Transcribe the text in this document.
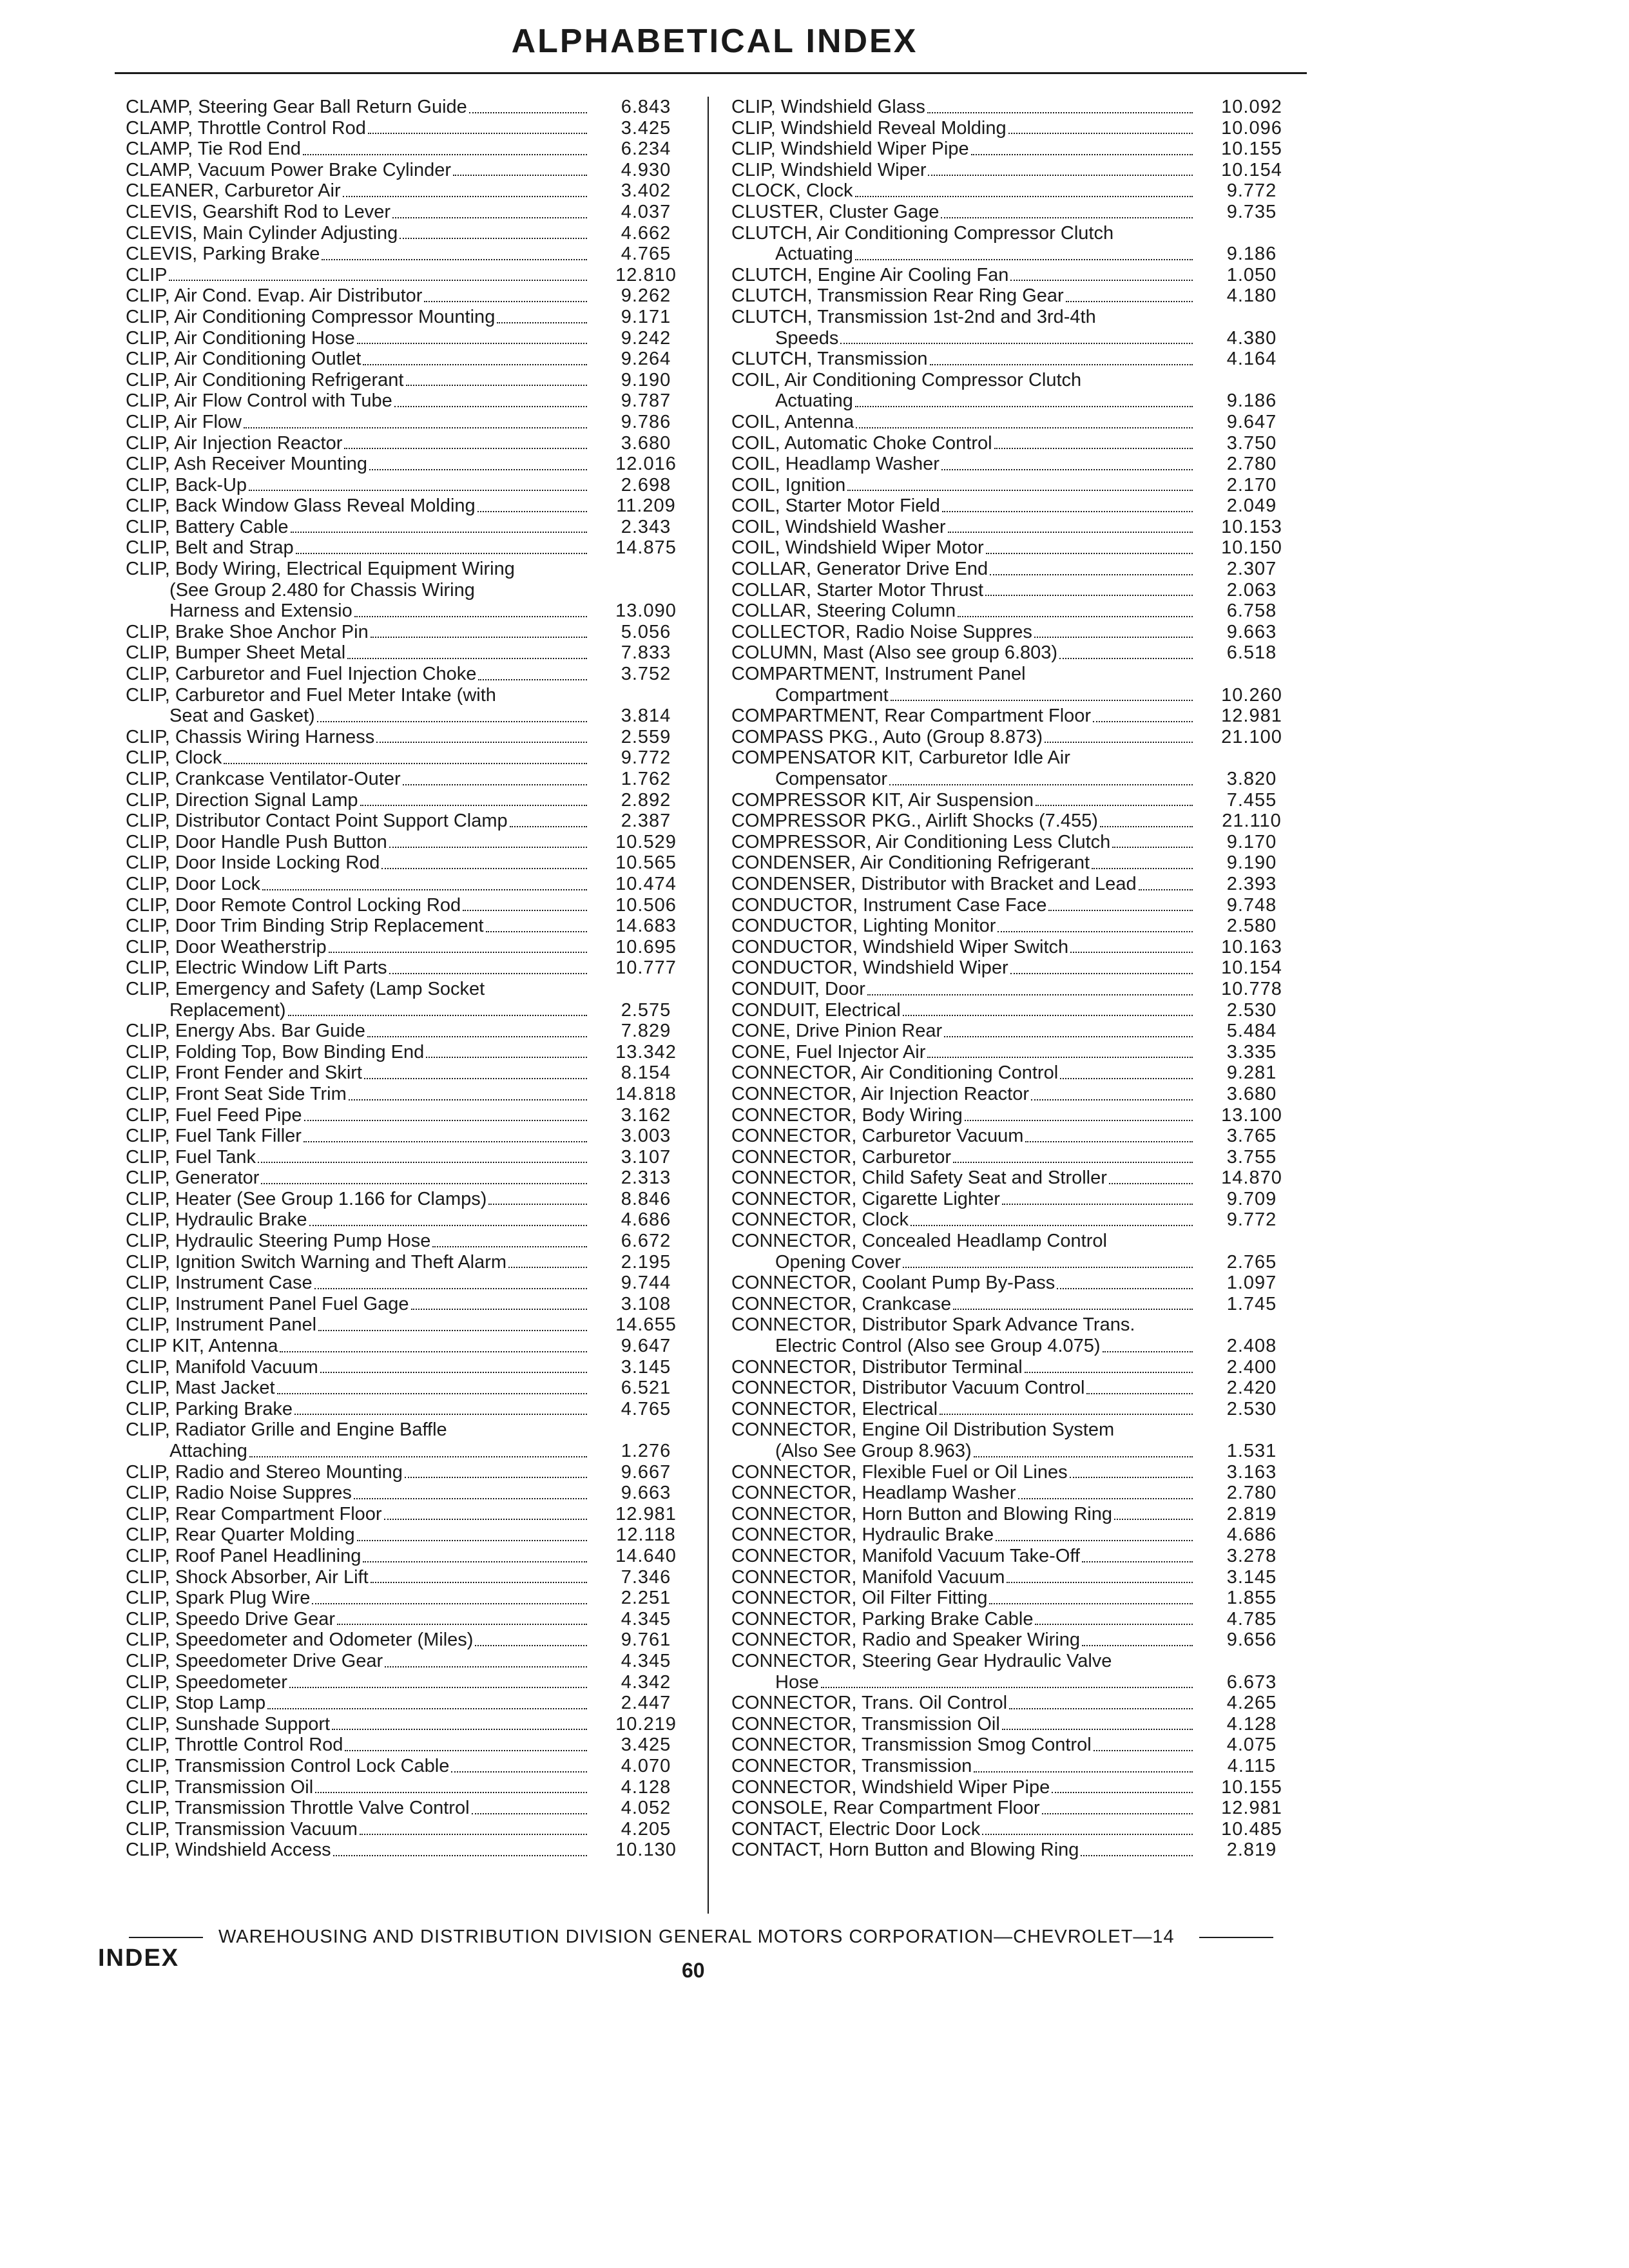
ALPHABETICAL INDEX
CLAMP, Steering Gear Ball Return Guide	6.843
CLAMP, Throttle Control Rod	3.425
CLAMP, Tie Rod End	6.234
CLAMP, Vacuum Power Brake Cylinder	4.930
CLEANER, Carburetor Air	3.402
CLEVIS, Gearshift Rod to Lever	4.037
CLEVIS, Main Cylinder Adjusting	4.662
CLEVIS, Parking Brake	4.765
CLIP	12.810
CLIP, Air Cond. Evap. Air Distributor	9.262
CLIP, Air Conditioning Compressor Mounting	9.171
CLIP, Air Conditioning Hose	9.242
CLIP, Air Conditioning Outlet	9.264
CLIP, Air Conditioning Refrigerant	9.190
CLIP, Air Flow Control with Tube	9.787
CLIP, Air Flow	9.786
CLIP, Air Injection Reactor	3.680
CLIP, Ash Receiver Mounting	12.016
CLIP, Back-Up	2.698
CLIP, Back Window Glass Reveal Molding	11.209
CLIP, Battery Cable	2.343
CLIP, Belt and Strap	14.875
CLIP, Body Wiring, Electrical Equipment Wiring
(See Group 2.480 for Chassis Wiring
Harness and Extensio	13.090
CLIP, Brake Shoe Anchor Pin	5.056
CLIP, Bumper Sheet Metal	7.833
CLIP, Carburetor and Fuel Injection Choke	3.752
CLIP, Carburetor and Fuel Meter Intake (with
Seat and Gasket)	3.814
CLIP, Chassis Wiring Harness	2.559
CLIP, Clock	9.772
CLIP, Crankcase Ventilator-Outer	1.762
CLIP, Direction Signal Lamp	2.892
CLIP, Distributor Contact Point Support Clamp	2.387
CLIP, Door Handle Push Button	10.529
CLIP, Door Inside Locking Rod	10.565
CLIP, Door Lock	10.474
CLIP, Door Remote Control Locking Rod	10.506
CLIP, Door Trim Binding Strip Replacement	14.683
CLIP, Door Weatherstrip	10.695
CLIP, Electric Window Lift Parts	10.777
CLIP, Emergency and Safety (Lamp Socket
Replacement)	2.575
CLIP, Energy Abs. Bar Guide	7.829
CLIP, Folding Top, Bow Binding End	13.342
CLIP, Front Fender and Skirt	8.154
CLIP, Front Seat Side Trim	14.818
CLIP, Fuel Feed Pipe	3.162
CLIP, Fuel Tank Filler	3.003
CLIP, Fuel Tank	3.107
CLIP, Generator	2.313
CLIP, Heater (See Group 1.166 for Clamps)	8.846
CLIP, Hydraulic Brake	4.686
CLIP, Hydraulic Steering Pump Hose	6.672
CLIP, Ignition Switch Warning and Theft Alarm	2.195
CLIP, Instrument Case	9.744
CLIP, Instrument Panel Fuel Gage	3.108
CLIP, Instrument Panel	14.655
CLIP KIT, Antenna	9.647
CLIP, Manifold Vacuum	3.145
CLIP, Mast Jacket	6.521
CLIP, Parking Brake	4.765
CLIP, Radiator Grille and Engine Baffle
Attaching	1.276
CLIP, Radio and Stereo Mounting	9.667
CLIP, Radio Noise Suppres	9.663
CLIP, Rear Compartment Floor	12.981
CLIP, Rear Quarter Molding	12.118
CLIP, Roof Panel Headlining	14.640
CLIP, Shock Absorber, Air Lift	7.346
CLIP, Spark Plug Wire	2.251
CLIP, Speedo Drive Gear	4.345
CLIP, Speedometer and Odometer (Miles)	9.761
CLIP, Speedometer Drive Gear	4.345
CLIP, Speedometer	4.342
CLIP, Stop Lamp	2.447
CLIP, Sunshade Support	10.219
CLIP, Throttle Control Rod	3.425
CLIP, Transmission Control Lock Cable	4.070
CLIP, Transmission Oil	4.128
CLIP, Transmission Throttle Valve Control	4.052
CLIP, Transmission Vacuum	4.205
CLIP, Windshield Access	10.130
CLIP, Windshield Glass	10.092
CLIP, Windshield Reveal Molding	10.096
CLIP, Windshield Wiper Pipe	10.155
CLIP, Windshield Wiper	10.154
CLOCK, Clock	9.772
CLUSTER, Cluster Gage	9.735
CLUTCH, Air Conditioning Compressor Clutch
Actuating	9.186
CLUTCH, Engine Air Cooling Fan	1.050
CLUTCH, Transmission Rear Ring Gear	4.180
CLUTCH, Transmission 1st-2nd and 3rd-4th
Speeds	4.380
CLUTCH, Transmission	4.164
COIL, Air Conditioning Compressor Clutch
Actuating	9.186
COIL, Antenna	9.647
COIL, Automatic Choke Control	3.750
COIL, Headlamp Washer	2.780
COIL, Ignition	2.170
COIL, Starter Motor Field	2.049
COIL, Windshield Washer	10.153
COIL, Windshield Wiper Motor	10.150
COLLAR, Generator Drive End	2.307
COLLAR, Starter Motor Thrust	2.063
COLLAR, Steering Column	6.758
COLLECTOR, Radio Noise Suppres	9.663
COLUMN, Mast (Also see group 6.803)	6.518
COMPARTMENT, Instrument Panel
Compartment	10.260
COMPARTMENT, Rear Compartment Floor	12.981
COMPASS PKG., Auto (Group 8.873)	21.100
COMPENSATOR KIT, Carburetor Idle Air
Compensator	3.820
COMPRESSOR KIT, Air Suspension	7.455
COMPRESSOR PKG., Airlift Shocks (7.455)	21.110
COMPRESSOR, Air Conditioning Less Clutch	9.170
CONDENSER, Air Conditioning Refrigerant	9.190
CONDENSER, Distributor with Bracket and Lead	2.393
CONDUCTOR, Instrument Case Face	9.748
CONDUCTOR, Lighting Monitor	2.580
CONDUCTOR, Windshield Wiper Switch	10.163
CONDUCTOR, Windshield Wiper	10.154
CONDUIT, Door	10.778
CONDUIT, Electrical	2.530
CONE, Drive Pinion Rear	5.484
CONE, Fuel Injector Air	3.335
CONNECTOR, Air Conditioning Control	9.281
CONNECTOR, Air Injection Reactor	3.680
CONNECTOR, Body Wiring	13.100
CONNECTOR, Carburetor Vacuum	3.765
CONNECTOR, Carburetor	3.755
CONNECTOR, Child Safety Seat and Stroller	14.870
CONNECTOR, Cigarette Lighter	9.709
CONNECTOR, Clock	9.772
CONNECTOR, Concealed Headlamp Control
Opening Cover	2.765
CONNECTOR, Coolant Pump By-Pass	1.097
CONNECTOR, Crankcase	1.745
CONNECTOR, Distributor Spark Advance Trans.
Electric Control (Also see Group 4.075)	2.408
CONNECTOR, Distributor Terminal	2.400
CONNECTOR, Distributor Vacuum Control	2.420
CONNECTOR, Electrical	2.530
CONNECTOR, Engine Oil Distribution System
(Also See Group 8.963)	1.531
CONNECTOR, Flexible Fuel or Oil Lines	3.163
CONNECTOR, Headlamp Washer	2.780
CONNECTOR, Horn Button and Blowing Ring	2.819
CONNECTOR, Hydraulic Brake	4.686
CONNECTOR, Manifold Vacuum Take-Off	3.278
CONNECTOR, Manifold Vacuum	3.145
CONNECTOR, Oil Filter Fitting	1.855
CONNECTOR, Parking Brake Cable	4.785
CONNECTOR, Radio and Speaker Wiring	9.656
CONNECTOR, Steering Gear Hydraulic Valve
Hose	6.673
CONNECTOR, Trans. Oil Control	4.265
CONNECTOR, Transmission Oil	4.128
CONNECTOR, Transmission Smog Control	4.075
CONNECTOR, Transmission	4.115
CONNECTOR, Windshield Wiper Pipe	10.155
CONSOLE, Rear Compartment Floor	12.981
CONTACT, Electric Door Lock	10.485
CONTACT, Horn Button and Blowing Ring	2.819
WAREHOUSING AND DISTRIBUTION DIVISION GENERAL MOTORS CORPORATION—CHEVROLET—14
INDEX	60
